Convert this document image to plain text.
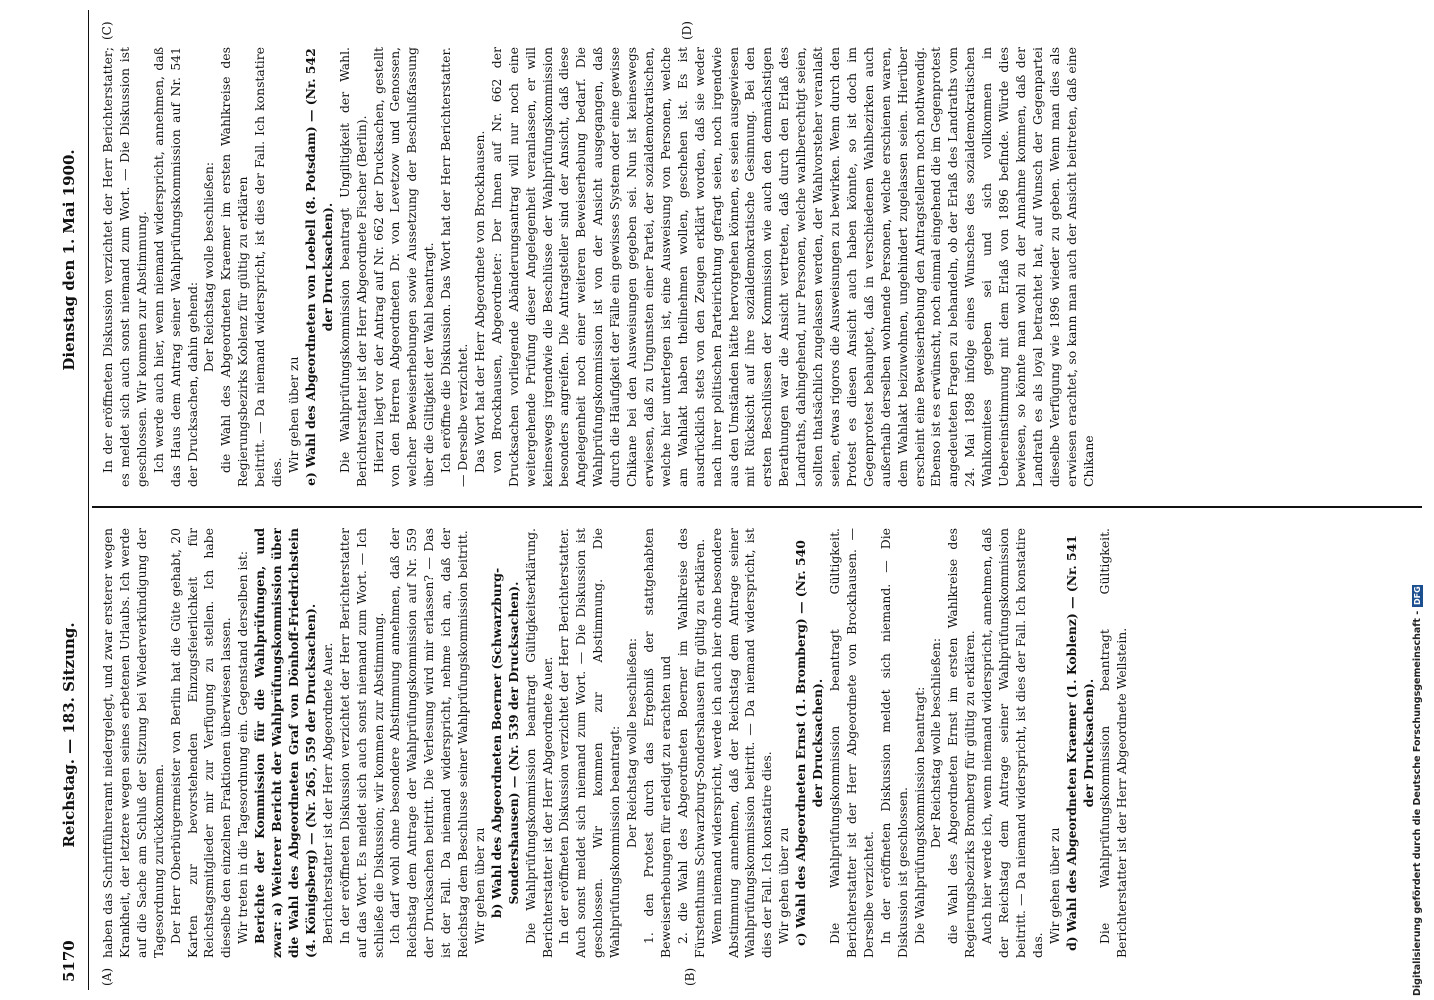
5170
Reichstag. — 183. Sitzung.
Dienstag den 1. Mai 1900.
(A)	(B)
(C)	(D)

haben das Schriftführeramt niedergelegt, und zwar ersterer wegen Krankheit, der letztere wegen seines erbetenen Urlaubs. Ich werde auf die Sache am Schluß der Sitzung bei Wiederverkündigung der Tagesordnung zurückkommen. Der Herr Oberbürgermeister von Berlin hat die Güte gehabt, 20 Karten zur bevorstehenden Einzugsfeierlichkeit für Reichstagsmitglieder mir zur Verfügung zu stellen. Ich habe dieselbe den einzelnen Fraktionen überwiesen lassen. Wir treten in die Tagesordnung ein. Gegenstand derselben ist: Berichte der Kommission für die Wahlprüfungen, und zwar: a) Weiterer Bericht der Wahlprüfungskommission über die Wahl des Abgeordneten Graf von Dönhoff-Friedrichstein (4. Königsberg) — (Nr. 265, 559 der Drucksachen). Berichterstatter ist der Herr Abgeordnete Auer. In der eröffneten Diskussion verzichtet der Herr Berichterstatter auf das Wort. Es meldet sich auch sonst niemand zum Wort. — Ich schließe die Diskussion; wir kommen zur Abstimmung. Ich darf wohl ohne besondere Abstimmung annehmen, daß der Reichstag dem Antrage der Wahlprüfungskommission auf Nr. 559 der Drucksachen beitritt. Die Verlesung wird mir erlassen? — Das ist der Fall. Da niemand widerspricht, nehme ich an, daß der Reichstag dem Beschlusse seiner Wahlprüfungskommission beitritt. Wir gehen über zu b) Wahl des Abgeordneten Boerner (Schwarzburg-Sondershausen) — (Nr. 539 der Drucksachen). Die Wahlprüfungskommission beantragt Gültigkeitserklärung. Berichterstatter ist der Herr Abgeordnete Auer. In der eröffneten Diskussion verzichtet der Herr Berichterstatter. Auch sonst meldet sich niemand zum Wort. — Die Diskussion ist geschlossen. Wir kommen zur Abstimmung. Die Wahlprüfungskommission beantragt: Der Reichstag wolle beschließen: 1. den Protest durch das Ergebniß der stattgehabten Beweiserhebungen für erledigt zu erachten und 2. die Wahl des Abgeordneten Boerner im Wahlkreise des Fürstenthums Schwarzburg-Sondershausen für gültig zu erklären. Wenn niemand widerspricht, werde ich auch hier ohne besondere Abstimmung annehmen, daß der Reichstag dem Antrage seiner Wahlprüfungskommission beitritt. — Da niemand widerspricht, ist dies der Fall. Ich konstatire dies. Wir gehen über zu c) Wahl des Abgeordneten Ernst (1. Bromberg) — (Nr. 540 der Drucksachen). Die Wahlprüfungskommission beantragt Gültigkeit. Berichterstatter ist der Herr Abgeordnete von Brockhausen. — Derselbe verzichtet. In der eröffneten Diskussion meldet sich niemand. — Die Diskussion ist geschlossen. Die Wahlprüfungskommission beantragt: Der Reichstag wolle beschließen: die Wahl des Abgeordneten Ernst im ersten Wahlkreise des Regierungsbezirks Bromberg für gültig zu erklären. Auch hier werde ich, wenn niemand widerspricht, annehmen, daß der Reichstag dem Antrage seiner Wahlprüfungskommission beitritt. — Da niemand widerspricht, ist dies der Fall. Ich konstatire das.

Wir gehen über zu d) Wahl des Abgeordneten Kraemer (1. Koblenz) — (Nr. 541 der Drucksachen). Die Wahlprüfungskommission beantragt Gültigkeit. Berichterstatter ist der Herr Abgeordnete Wellstein.

In der eröffneten Diskussion verzichtet der Herr Berichterstatter; es meldet sich auch sonst niemand zum Wort. — Die Diskussion ist geschlossen. Wir kommen zur Abstimmung. Ich werde auch hier, wenn niemand widerspricht, annehmen, daß das Haus dem Antrag seiner Wahlprüfungskommission auf Nr. 541 der Drucksachen, dahin gehend:

Der Reichstag wolle beschließen: die Wahl des Abgeordneten Kraemer im ersten Wahlkreise des Regierungsbezirks Koblenz für gültig zu erklären beitritt. — Da niemand widerspricht, ist dies der Fall. Ich konstatire dies. Wir gehen über zu e) Wahl des Abgeordneten von Loebell (8. Potsdam) — (Nr. 542 der Drucksachen). Die Wahlprüfungskommission beantragt Ungiltigkeit der Wahl. Berichterstatter ist der Herr Abgeordnete Fischer (Berlin). Hierzu liegt vor der Antrag auf Nr. 662 der Drucksachen, gestellt von den Herren Abgeordneten Dr. von Levetzow und Genossen, welcher Beweiserhebungen sowie Aussetzung der Beschlußfassung über die Giltigkeit der Wahl beantragt. Ich eröffne die Diskussion. Das Wort hat der Herr Berichterstatter. — Derselbe verzichtet. Das Wort hat der Herr Abgeordnete von Brockhausen. von Brockhausen, Abgeordneter: Der Ihnen auf Nr. 662 der Drucksachen vorliegende Abänderungsantrag will nur noch eine weitergehende Prüfung dieser Angelegenheit veranlassen, er will keineswegs irgendwie die Beschlüsse der Wahlprüfungskommission besonders angreifen. Die Antragsteller sind der Ansicht, daß diese Angelegenheit noch einer weiteren Beweiserhebung bedarf. Die Wahlprüfungskommission ist von der Ansicht ausgegangen, daß durch die Häufigkeit der Fälle ein gewisses System oder eine gewisse Chikane bei den Ausweisungen gegeben sei. Nun ist keineswegs erwiesen, daß zu Ungunsten einer Partei, der sozialdemokratischen, welche hier unterlegen ist, eine Ausweisung von Personen, welche am Wahlakt haben theilnehmen wollen, geschehen ist. Es ist ausdrücklich stets von den Zeugen erklärt worden, daß sie weder nach ihrer politischen Parteirichtung gefragt seien, noch irgendwie aus den Umständen hätte hervorgehen können, es seien ausgewiesen mit Rücksicht auf ihre sozialdemokratische Gesinnung. Bei den ersten Beschlüssen der Kommission wie auch den demnächstigen Berathungen war die Ansicht vertreten, daß durch den Erlaß des Landraths, dahingehend, nur Personen, welche wahlberechtigt seien, sollten thatsächlich zugelassen werden, der Wahlvorsteher veranlaßt seien, etwas rigoros die Ausweisungen zu bewirken. Wenn durch den Protest es diesen Ansicht auch haben könnte, so ist doch im Gegenprotest behauptet, daß in verschiedenen Wahlbezirken auch außerhalb derselben wohnende Personen, welche erschienen waren, dem Wahlakt beizuwohnen, ungehindert zugelassen seien. Hierüber erscheint eine Beweiserhebung den Antragstellern noch nothwendig. Ebenso ist es erwünscht, noch einmal eingehend die im Gegenprotest angedeuteten Fragen zu behandeln, ob der Erlaß des Landraths vom 24. Mai 1898 infolge eines Wunsches des sozialdemokratischen Wahlkomitees gegeben sei und sich vollkommen in Uebereinstimmung mit dem Erlaß von 1896 befinde. Würde dies bewiesen, so könnte man wohl zu der Annahme kommen, daß der Landrath es als loyal betrachtet hat, auf Wunsch der Gegenpartei dieselbe Verfügung wie 1896 wieder zu geben. Wenn man dies als erwiesen erachtet, so kann man auch der Ansicht beitreten, daß eine Chikane

Digitalisierung gefördert durch die Deutsche Forschungsgemeinschaft - DFG
